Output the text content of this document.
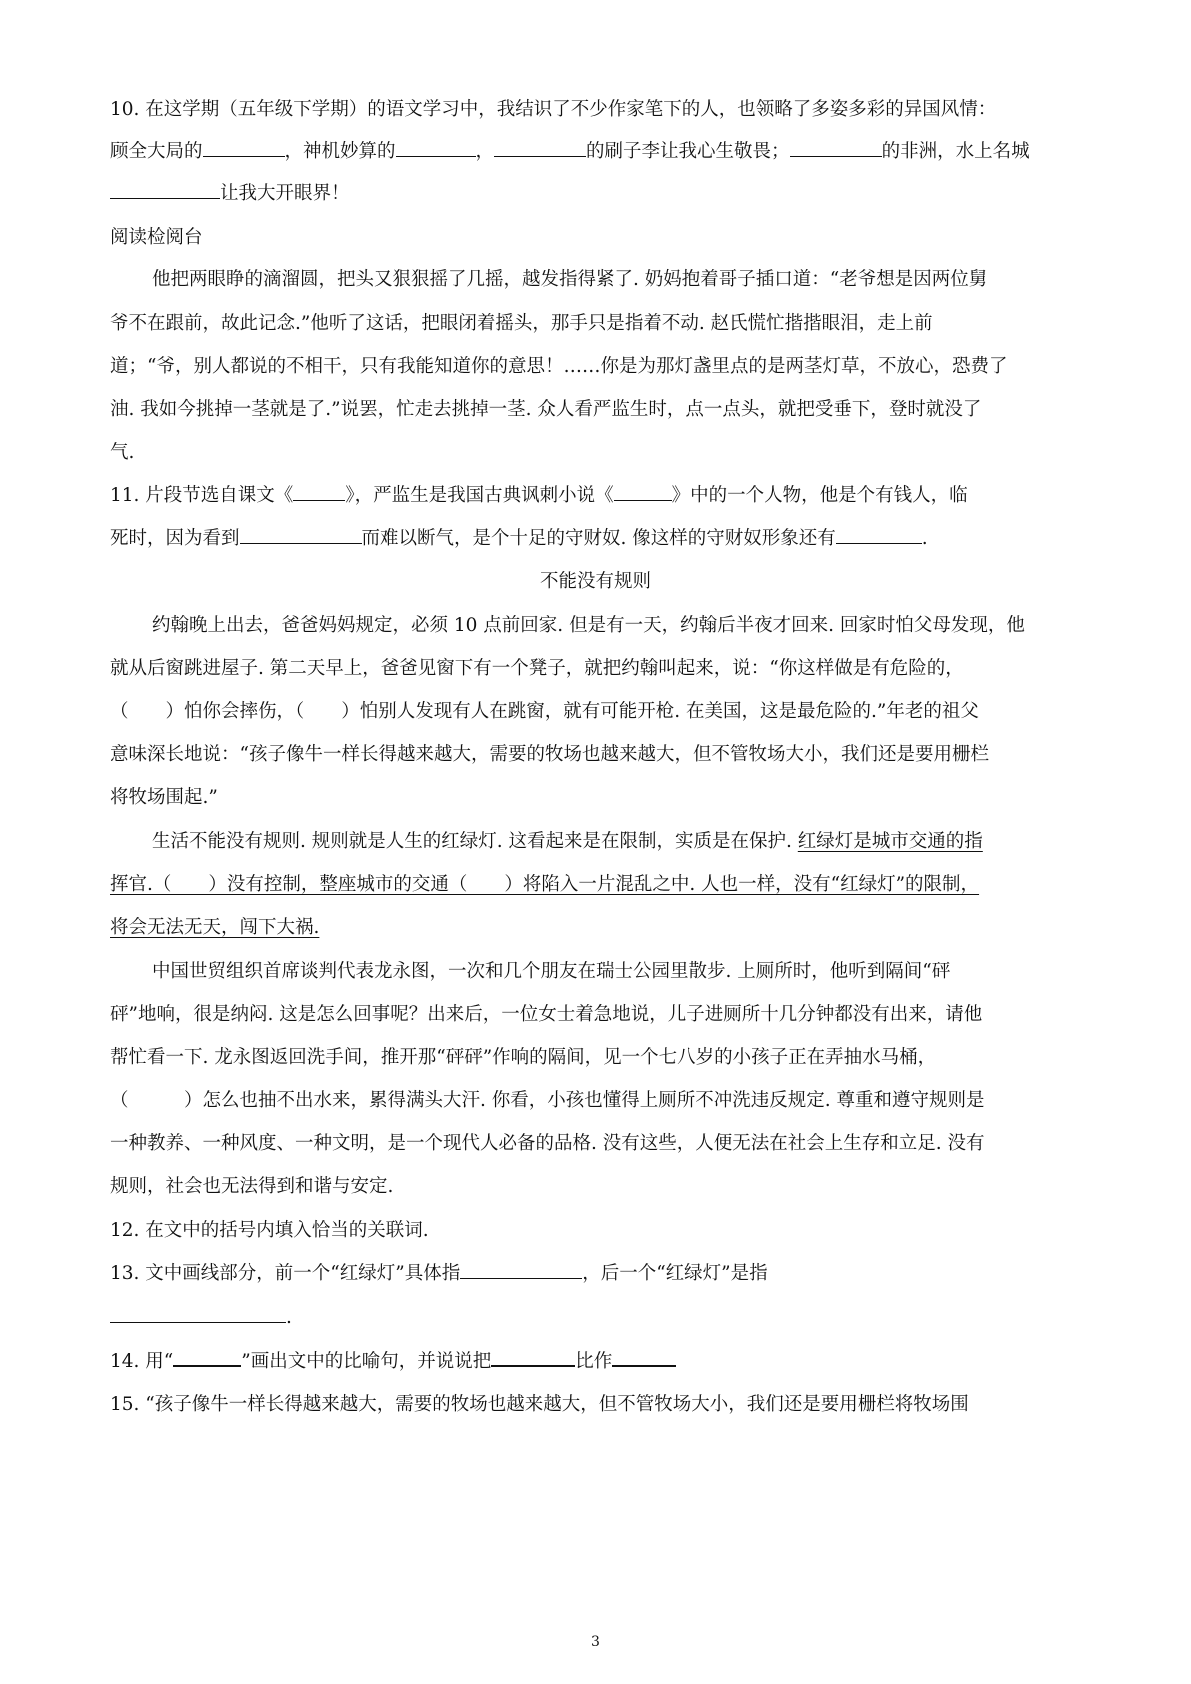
10. 在这学期（五年级下学期）的语文学习中，我结识了不少作家笔下的人，也领略了多姿多彩的异国风情：
顾全大局的	，神机妙算的	，	的刷子李让我心生敬畏；	的非洲，水上名城
让我大开眼界！
阅读检阅台
他把两眼睁的滴溜圆，把头又狠狠摇了几摇，越发指得紧了. 奶妈抱着哥子插口道：“老爷想是因两位舅
爷不在跟前，故此记念.”他听了这话，把眼闭着摇头，那手只是指着不动. 赵氏慌忙揩揩眼泪，走上前
道；“爷，别人都说的不相干，只有我能知道你的意思！……你是为那灯盏里点的是两茎灯草，不放心，恐费了
油. 我如今挑掉一茎就是了.”说罢，忙走去挑掉一茎. 众人看严监生时，点一点头，就把受垂下，登时就没了
气.
11. 片段节选自课文《	》，严监生是我国古典讽刺小说《	》中的一个人物，他是个有钱人，临
死时，因为看到	而难以断气，是个十足的守财奴. 像这样的守财奴形象还有	.
不能没有规则
约翰晚上出去，爸爸妈妈规定，必须 10 点前回家. 但是有一天，约翰后半夜才回来. 回家时怕父母发现，他
就从后窗跳进屋子. 第二天早上，爸爸见窗下有一个凳子，就把约翰叫起来，说：“你这样做是有危险的，
（　　）怕你会摔伤，（　　）怕别人发现有人在跳窗，就有可能开枪. 在美国，这是最危险的.”年老的祖父
意味深长地说：“孩子像牛一样长得越来越大，需要的牧场也越来越大，但不管牧场大小，我们还是要用栅栏
将牧场围起.”
生活不能没有规则. 规则就是人生的红绿灯. 这看起来是在限制，实质是在保护. 红绿灯是城市交通的指
挥官.（　　）没有控制，整座城市的交通（　　）将陷入一片混乱之中. 人也一样，没有“红绿灯”的限制，
将会无法无天，闯下大祸.
中国世贸组织首席谈判代表龙永图，一次和几个朋友在瑞士公园里散步. 上厕所时，他听到隔间“砰
砰”地响，很是纳闷. 这是怎么回事呢？出来后，一位女士着急地说，儿子进厕所十几分钟都没有出来，请他
帮忙看一下. 龙永图返回洗手间，推开那“砰砰”作响的隔间，见一个七八岁的小孩子正在弄抽水马桶，
（　　　）怎么也抽不出水来，累得满头大汗. 你看，小孩也懂得上厕所不冲洗违反规定. 尊重和遵守规则是
一种教养、一种风度、一种文明，是一个现代人必备的品格. 没有这些，人便无法在社会上生存和立足. 没有
规则，社会也无法得到和谐与安定.
12. 在文中的括号内填入恰当的关联词.
13. 文中画线部分，前一个“红绿灯”具体指	，后一个“红绿灯”是指
.
14. 用“	”画出文中的比喻句，并说说把	比作
15. “孩子像牛一样长得越来越大，需要的牧场也越来越大，但不管牧场大小，我们还是要用栅栏将牧场围
3
